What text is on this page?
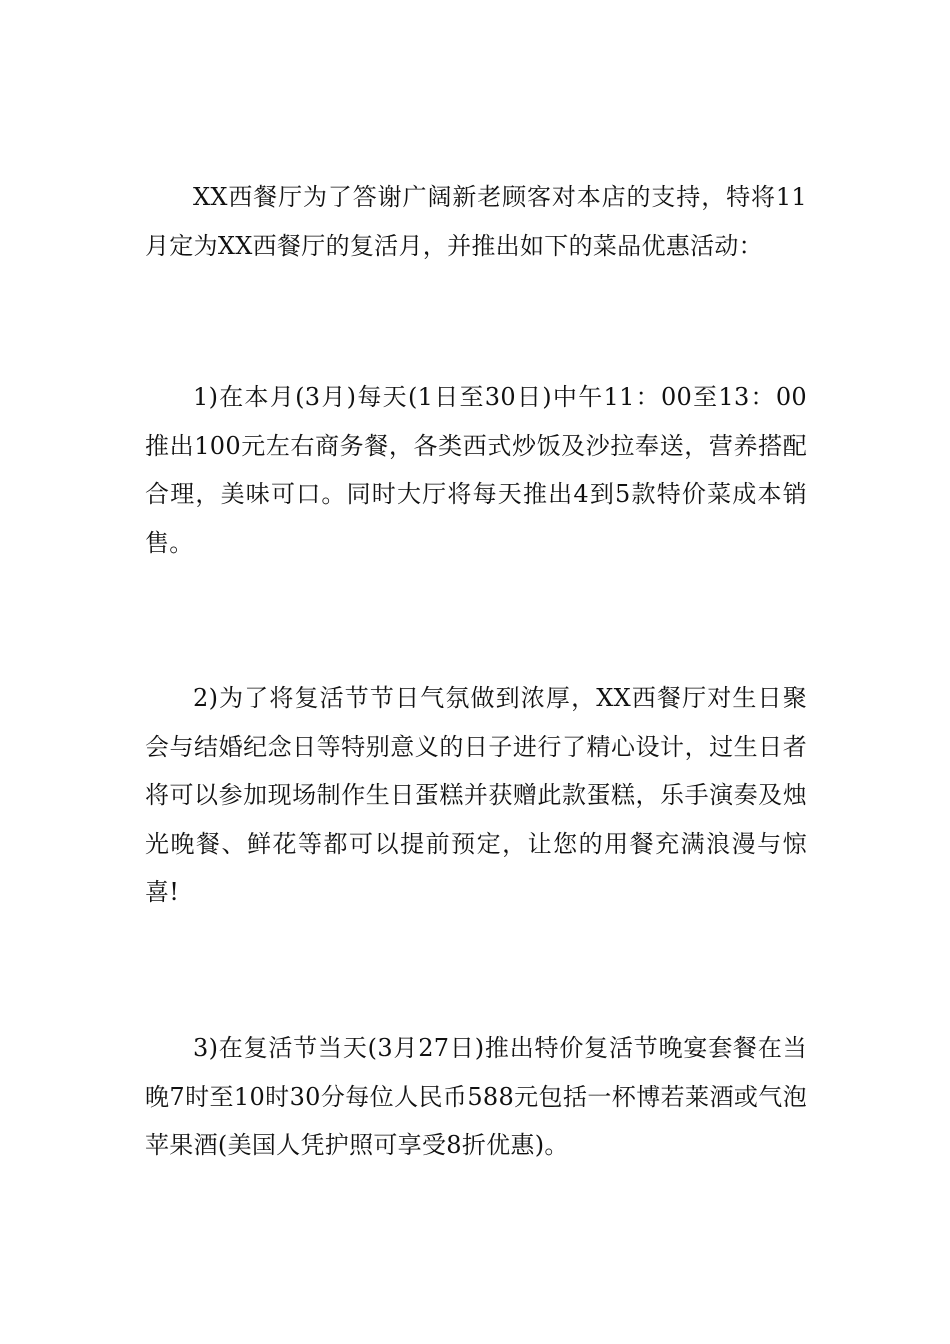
XX西餐厅为了答谢广阔新老顾客对本店的支持，特将11月定为XX西餐厅的复活月，并推出如下的菜品优惠活动：

1)在本月(3月)每天(1日至30日)中午11：00至13：00推出100元左右商务餐，各类西式炒饭及沙拉奉送，营养搭配合理，美味可口。同时大厅将每天推出4到5款特价菜成本销售。

2)为了将复活节节日气氛做到浓厚，XX西餐厅对生日聚会与结婚纪念日等特别意义的日子进行了精心设计，过生日者将可以参加现场制作生日蛋糕并获赠此款蛋糕，乐手演奏及烛光晚餐、鲜花等都可以提前预定，让您的用餐充满浪漫与惊喜!

3)在复活节当天(3月27日)推出特价复活节晚宴套餐在当晚7时至10时30分每位人民币588元包括一杯博若莱酒或气泡苹果酒(美国人凭护照可享受8折优惠)。
